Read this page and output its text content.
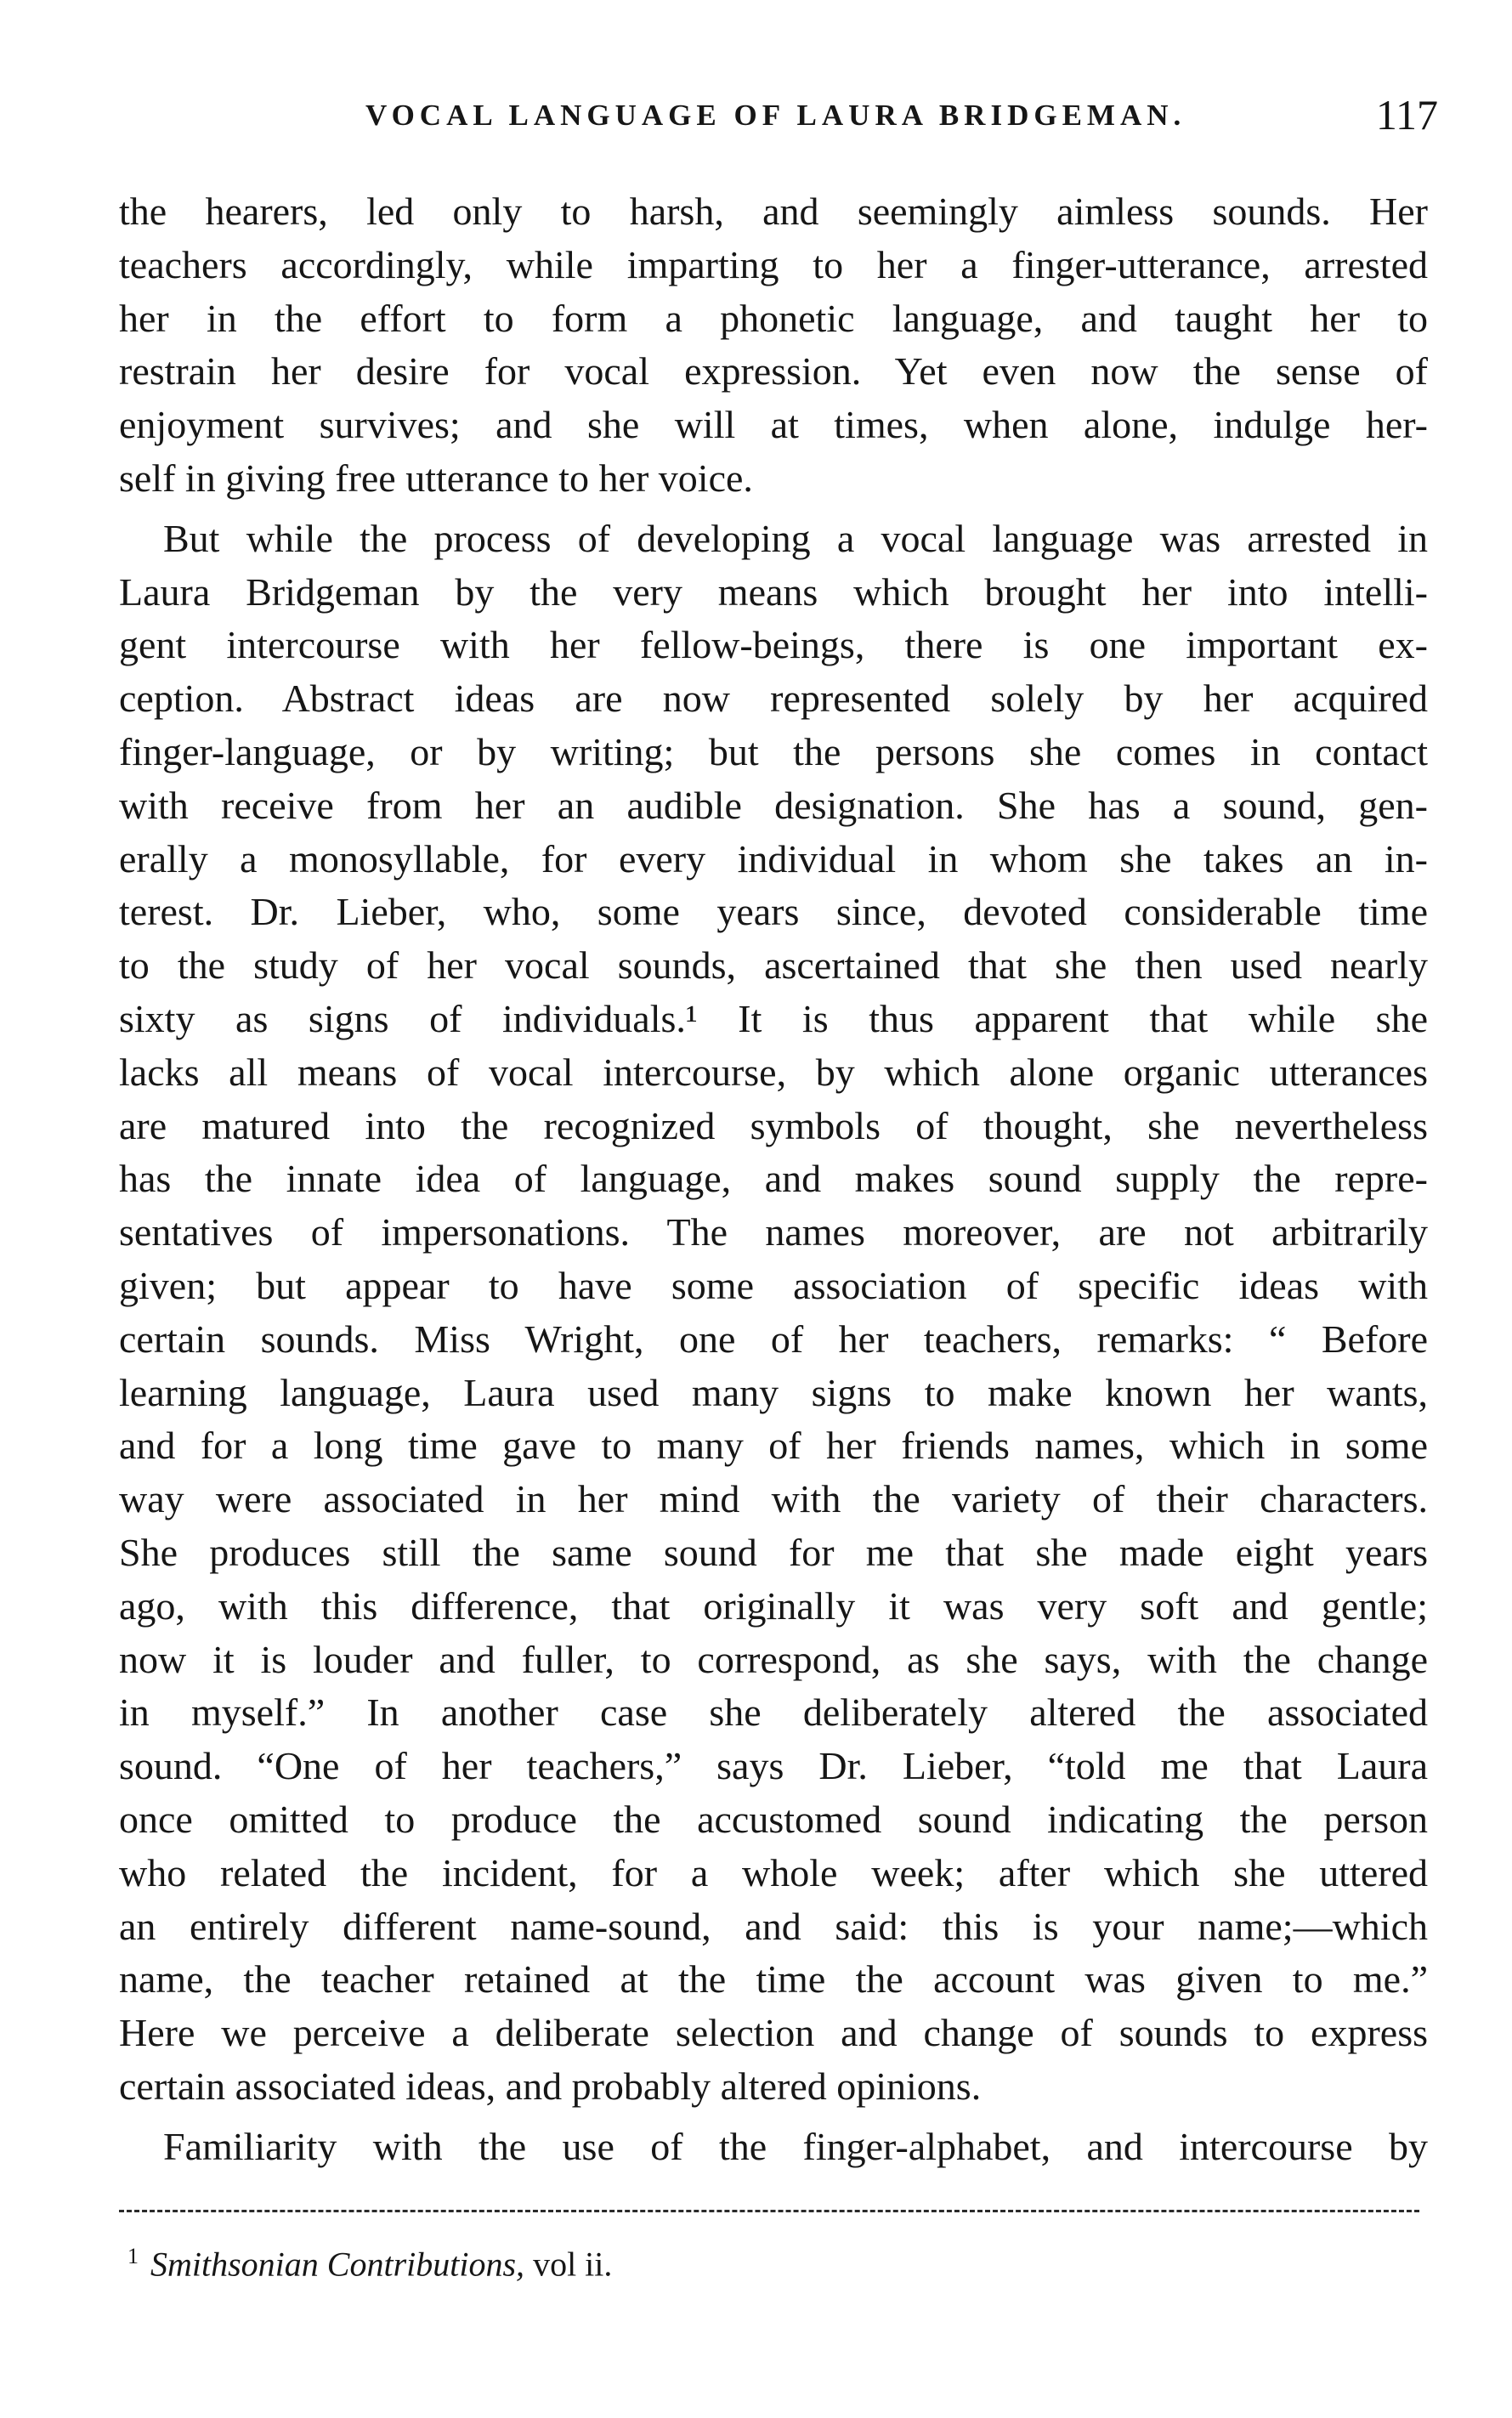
VOCAL LANGUAGE OF LAURA BRIDGEMAN.	117
the hearers, led only to harsh, and seemingly aimless sounds. Her
teachers accordingly, while imparting to her a finger-utterance, arrested
her in the effort to form a phonetic language, and taught her to
restrain her desire for vocal expression. Yet even now the sense of
enjoyment survives; and she will at times, when alone, indulge her-
self in giving free utterance to her voice.
But while the process of developing a vocal language was arrested in
Laura Bridgeman by the very means which brought her into intelli-
gent intercourse with her fellow-beings, there is one important ex-
ception. Abstract ideas are now represented solely by her acquired
finger-language, or by writing; but the persons she comes in contact
with receive from her an audible designation. She has a sound, gen-
erally a monosyllable, for every individual in whom she takes an in-
terest. Dr. Lieber, who, some years since, devoted considerable time
to the study of her vocal sounds, ascertained that she then used nearly
sixty as signs of individuals.¹ It is thus apparent that while she
lacks all means of vocal intercourse, by which alone organic utterances
are matured into the recognized symbols of thought, she nevertheless
has the innate idea of language, and makes sound supply the repre-
sentatives of impersonations. The names moreover, are not arbitrarily
given; but appear to have some association of specific ideas with
certain sounds. Miss Wright, one of her teachers, remarks: “ Before
learning language, Laura used many signs to make known her wants,
and for a long time gave to many of her friends names, which in some
way were associated in her mind with the variety of their characters.
She produces still the same sound for me that she made eight years
ago, with this difference, that originally it was very soft and gentle;
now it is louder and fuller, to correspond, as she says, with the change
in myself.” In another case she deliberately altered the associated
sound. “One of her teachers,” says Dr. Lieber, “told me that Laura
once omitted to produce the accustomed sound indicating the person
who related the incident, for a whole week; after which she uttered
an entirely different name-sound, and said: this is your name;—which
name, the teacher retained at the time the account was given to me.”
Here we perceive a deliberate selection and change of sounds to express
certain associated ideas, and probably altered opinions.
Familiarity with the use of the finger-alphabet, and intercourse by
$^1$ Smithsonian Contributions, vol ii.
